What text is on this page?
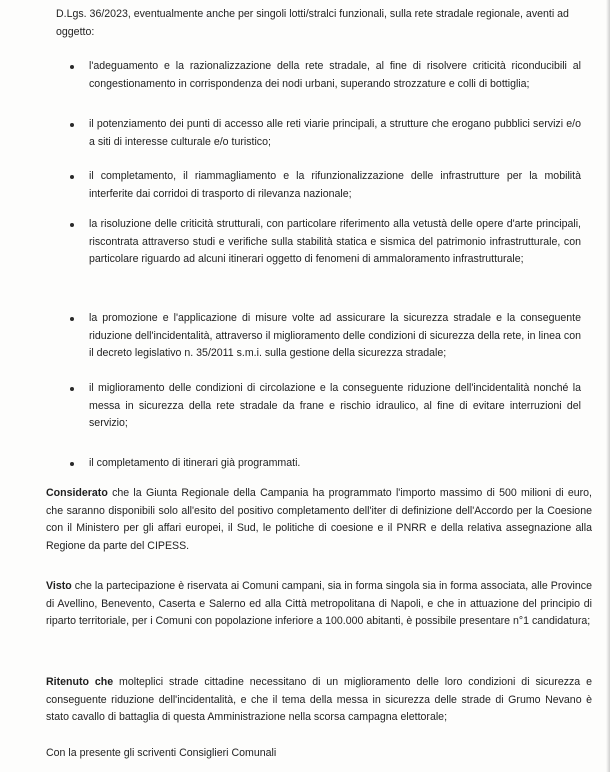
D.Lgs. 36/2023, eventualmente anche per singoli lotti/stralci funzionali, sulla rete stradale regionale, aventi ad oggetto:

l'adeguamento e la razionalizzazione della rete stradale, al fine di risolvere criticità riconducibili al congestionamento in corrispondenza dei nodi urbani, superando strozzature e colli di bottiglia;
il potenziamento dei punti di accesso alle reti viarie principali, a strutture che erogano pubblici servizi e/o a siti di interesse culturale e/o turistico;
il completamento, il riammagliamento e la rifunzionalizzazione delle infrastrutture per la mobilità interferite dai corridoi di trasporto di rilevanza nazionale;
la risoluzione delle criticità strutturali, con particolare riferimento alla vetustà delle opere d'arte principali, riscontrata attraverso studi e verifiche sulla stabilità statica e sismica del patrimonio infrastrutturale, con particolare riguardo ad alcuni itinerari oggetto di fenomeni di ammaloramento infrastrutturale;
la promozione e l'applicazione di misure volte ad assicurare la sicurezza stradale e la conseguente riduzione dell'incidentalità, attraverso il miglioramento delle condizioni di sicurezza della rete, in linea con il decreto legislativo n. 35/2011 s.m.i. sulla gestione della sicurezza stradale;
il miglioramento delle condizioni di circolazione e la conseguente riduzione dell'incidentalità nonché la messa in sicurezza della rete stradale da frane e rischio idraulico, al fine di evitare interruzioni del servizio;
il completamento di itinerari già programmati.

Considerato che la Giunta Regionale della Campania ha programmato l'importo massimo di 500 milioni di euro, che saranno disponibili solo all'esito del positivo completamento dell'iter di definizione dell'Accordo per la Coesione con il Ministero per gli affari europei, il Sud, le politiche di coesione e il PNRR e della relativa assegnazione alla Regione da parte del CIPESS.

Visto che la partecipazione è riservata ai Comuni campani, sia in forma singola sia in forma associata, alle Province di Avellino, Benevento, Caserta e Salerno ed alla Città metropolitana di Napoli, e che in attuazione del principio di riparto territoriale, per i Comuni con popolazione inferiore a 100.000 abitanti, è possibile presentare n°1 candidatura;

Ritenuto che molteplici strade cittadine necessitano di un miglioramento delle loro condizioni di sicurezza e conseguente riduzione dell'incidentalità, e che il tema della messa in sicurezza delle strade di Grumo Nevano è stato cavallo di battaglia di questa Amministrazione nella scorsa campagna elettorale;

Con la presente gli scriventi Consiglieri Comunali
